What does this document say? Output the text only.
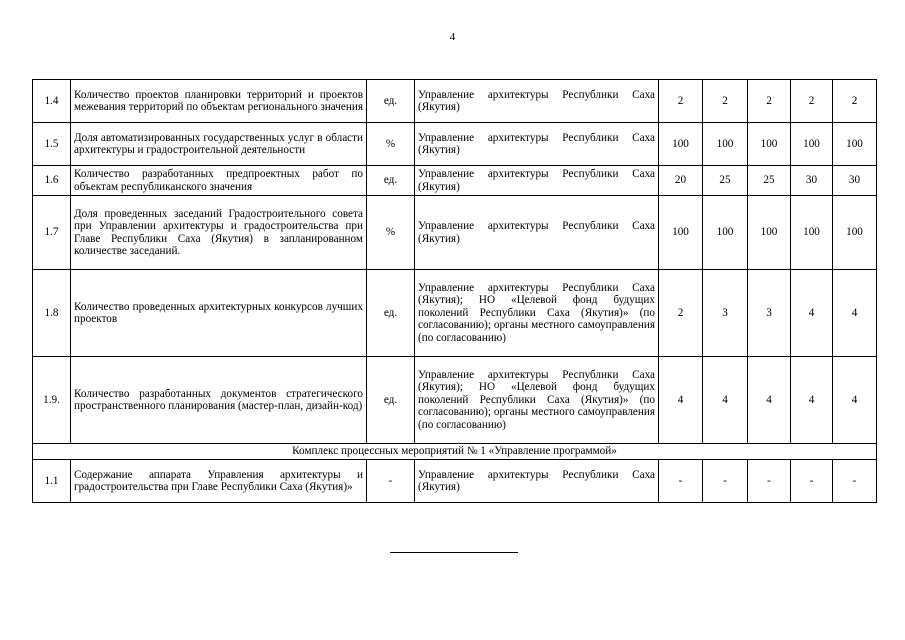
4
1.4	Количество проектов планировки территорий и проектов межевания территорий по объектам регионального значения	ед.	Управление архитектуры Республики Саха (Якутия)	2	2	2	2	2
1.5	Доля автоматизированных государственных услуг в области архитектуры и градостроительной деятельности	%	Управление архитектуры Республики Саха (Якутия)	100	100	100	100	100
1.6	Количество разработанных предпроектных работ по объектам республиканского значения	ед.	Управление архитектуры Республики Саха (Якутия)	20	25	25	30	30
1.7	Доля проведенных заседаний Градостроительного совета при Управлении архитектуры и градостроительства при Главе Республики Саха (Якутия) в запланированном количестве заседаний.	%	Управление архитектуры Республики Саха (Якутия)	100	100	100	100	100
1.8	Количество проведенных архитектурных конкурсов лучших проектов	ед.	Управление архитектуры Республики Саха (Якутия); НО «Целевой фонд будущих поколений Республики Саха (Якутия)» (по согласованию); органы местного самоуправления (по согласованию)	2	3	3	4	4
1.9.	Количество разработанных документов стратегического пространственного планирования (мастер-план, дизайн-код)	ед.	Управление архитектуры Республики Саха (Якутия); НО «Целевой фонд будущих поколений Республики Саха (Якутия)» (по согласованию); органы местного самоуправления (по согласованию)	4	4	4	4	4
Комплекс процессных мероприятий № 1 «Управление программой»								
1.1	Содержание аппарата Управления архитектуры и градостроительства при Главе Республики Саха (Якутия)»	-	Управление архитектуры Республики Саха (Якутия)	-	-	-	-	-
